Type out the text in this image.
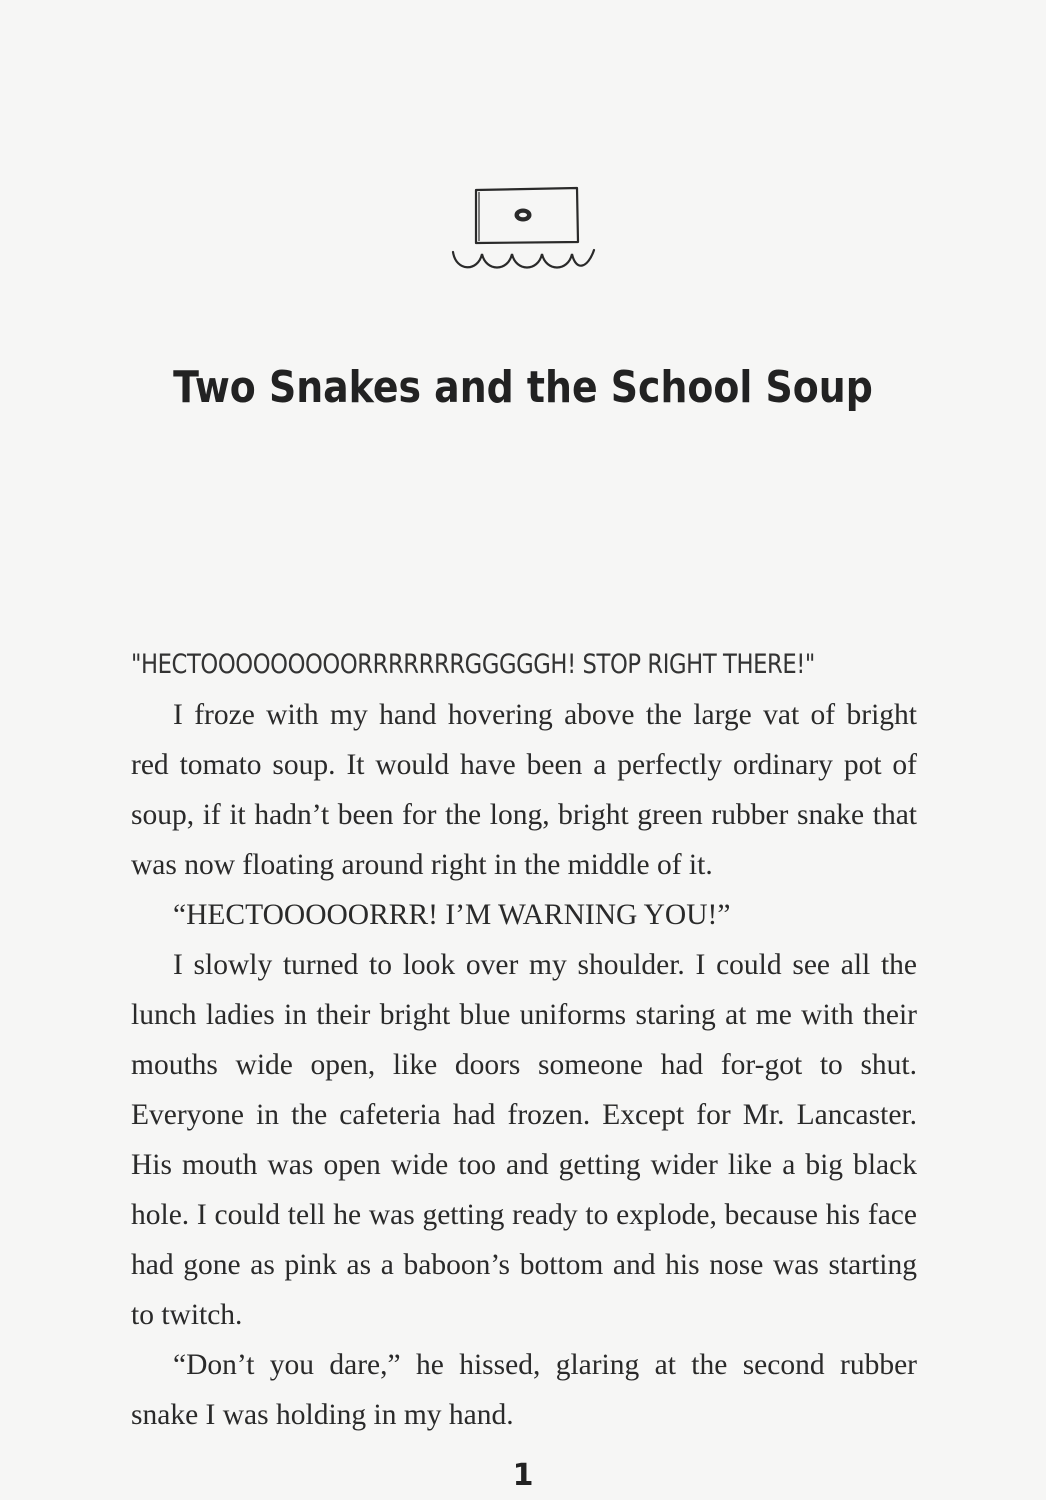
Two Snakes and the School Soup

"HECTOOOOOOOOORRRRRRRGGGGGH! STOP RIGHT THERE!"

I froze with my hand hovering above the large vat of bright red tomato soup. It would have been a perfectly ordinary pot of soup, if it hadn’t been for the long, bright green rubber snake that was now floating around right in the middle of it.

“HECTOOOOORRR! I’M WARNING YOU!”

I slowly turned to look over my shoulder. I could see all the lunch ladies in their bright blue uniforms staring at me with their mouths wide open, like doors someone had for-got to shut. Everyone in the cafeteria had frozen. Except for Mr. Lancaster. His mouth was open wide too and getting wider like a big black hole. I could tell he was getting ready to explode, because his face had gone as pink as a baboon’s bottom and his nose was starting to twitch.

“Don’t you dare,” he hissed, glaring at the second rubber snake I was holding in my hand.

1
